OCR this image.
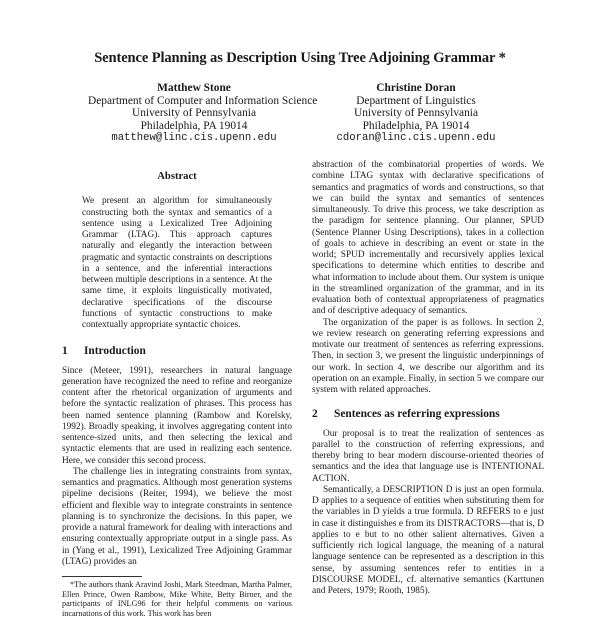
Sentence Planning as Description Using Tree Adjoining Grammar *
Matthew Stone
Department of Computer and Information Science
University of Pennsylvania
Philadelphia, PA 19014
matthew@linc.cis.upenn.edu
Christine Doran
Department of Linguistics
University of Pennsylvania
Philadelphia, PA 19014
cdoran@linc.cis.upenn.edu
Abstract

We present an algorithm for simultaneously constructing both the syntax and semantics of a sentence using a Lexicalized Tree Adjoining Grammar (LTAG). This approach captures naturally and elegantly the interaction between pragmatic and syntactic constraints on descriptions in a sentence, and the inferential interactions between multiple descriptions in a sentence. At the same time, it exploits linguistically motivated, declarative specifications of the discourse functions of syntactic constructions to make contextually appropriate syntactic choices.

1 Introduction

Since (Meteer, 1991), researchers in natural language generation have recognized the need to refine and reorganize content after the rhetorical organization of arguments and before the syntactic realization of phrases. This process has been named sentence planning (Rambow and Korelsky, 1992). Broadly speaking, it involves aggregating content into sentence-sized units, and then selecting the lexical and syntactic elements that are used in realizing each sentence. Here, we consider this second process.

The challenge lies in integrating constraints from syntax, semantics and pragmatics. Although most generation systems pipeline decisions (Reiter, 1994), we believe the most efficient and flexible way to integrate constraints in sentence planning is to synchronize the decisions. In this paper, we provide a natural framework for dealing with interactions and ensuring contextually appropriate output in a single pass. As in (Yang et al., 1991), Lexicalized Tree Adjoining Grammar (LTAG) provides an

*The authors thank Aravind Joshi, Mark Steedman, Martha Palmer, Ellen Prince, Owen Rambow, Mike White, Betty Birner, and the participants of INLG96 for their helpful comments on various incarnations of this work. This work has been

abstraction of the combinatorial properties of words. We combine LTAG syntax with declarative specifications of semantics and pragmatics of words and constructions, so that we can build the syntax and semantics of sentences simultaneously. To drive this process, we take description as the paradigm for sentence planning. Our planner, SPUD (Sentence Planner Using Descriptions), takes in a collection of goals to achieve in describing an event or state in the world; SPUD incrementally and recursively applies lexical specifications to determine which entities to describe and what information to include about them. Our system is unique in the streamlined organization of the grammar, and in its evaluation both of contextual appropriateness of pragmatics and of descriptive adequacy of semantics.

The organization of the paper is as follows. In section 2, we review research on generating referring expressions and motivate our treatment of sentences as referring expressions. Then, in section 3, we present the linguistic underpinnings of our work. In section 4, we describe our algorithm and its operation on an example. Finally, in section 5 we compare our system with related approaches.

2 Sentences as referring expressions

Our proposal is to treat the realization of sentences as parallel to the construction of referring expressions, and thereby bring to bear modern discourse-oriented theories of semantics and the idea that language use is INTENTIONAL ACTION.

Semantically, a DESCRIPTION D is just an open formula. D applies to a sequence of entities when substituting them for the variables in D yields a true formula. D REFERS to e just in case it distinguishes e from its DISTRACTORS—that is, D applies to e but to no other salient alternatives. Given a sufficiently rich logical language, the meaning of a natural language sentence can be represented as a description in this sense, by assuming sentences refer to entities in a DISCOURSE MODEL, cf. alternative semantics (Karttunen and Peters, 1979; Rooth, 1985).
